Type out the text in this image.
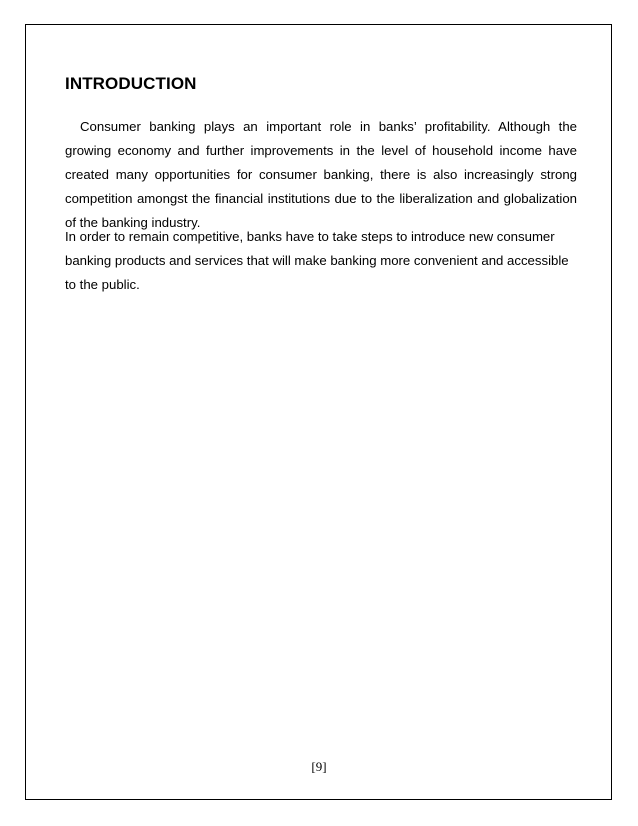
INTRODUCTION

Consumer banking plays an important role in banks’ profitability. Although the growing economy and further improvements in the level of household income have created many opportunities for consumer banking, there is also increasingly strong competition amongst the financial institutions due to the liberalization and globalization of the banking industry.

In order to remain competitive, banks have to take steps to introduce new consumer banking products and services that will make banking more convenient and accessible to the public.

[9]
